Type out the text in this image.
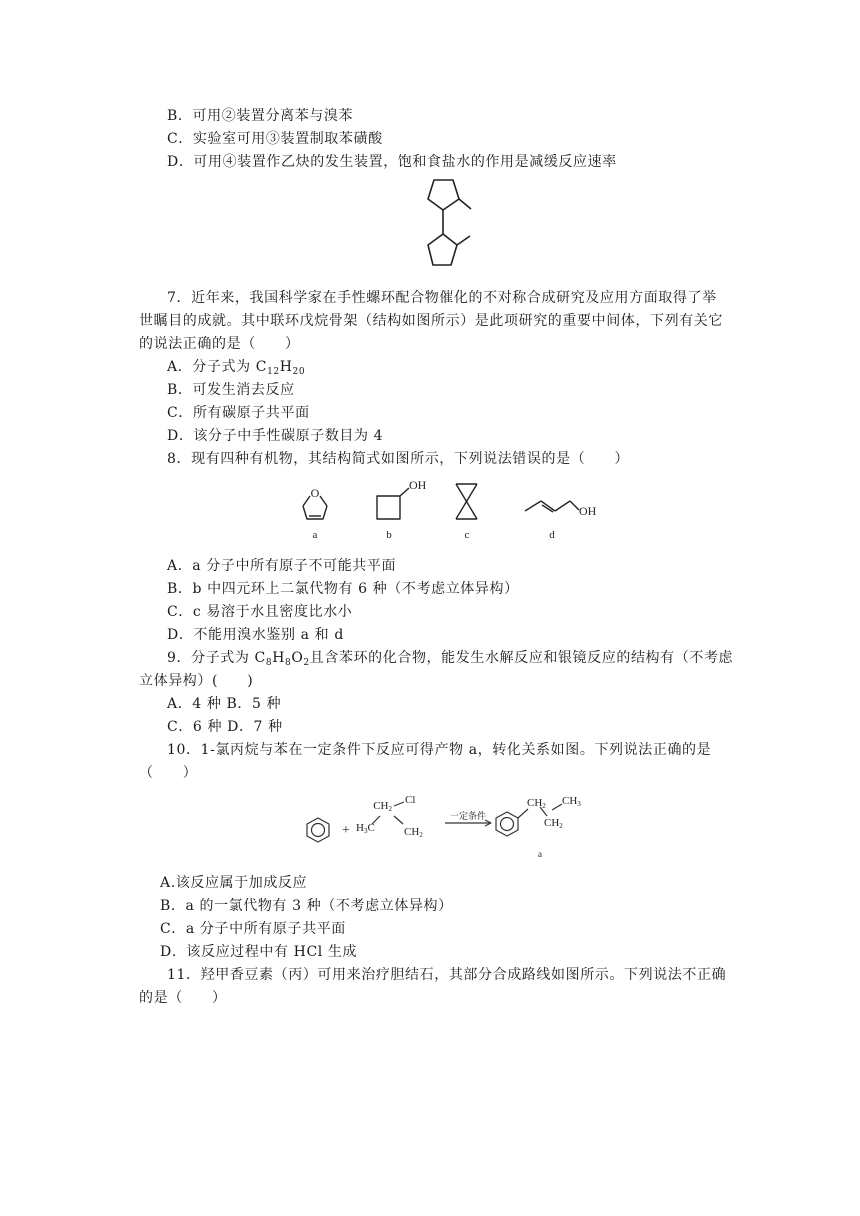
B．可用②装置分离苯与溴苯
C．实验室可用③装置制取苯磺酸
D．可用④装置作乙炔的发生装置，饱和食盐水的作用是减缓反应速率
7．近年来，我国科学家在手性螺环配合物催化的不对称合成研究及应用方面取得了举
世瞩目的成就。其中联环戊烷骨架（结构如图所示）是此项研究的重要中间体，下列有关它
的说法正确的是（　　）
A．分子式为 $C_{12}H_{20}$
B．可发生消去反应
C．所有碳原子共平面
D．该分子中手性碳原子数目为 4
8．现有四种有机物，其结构简式如图所示，下列说法错误的是（　　）
O
OH
OH
a	b	c	d
A．a 分子中所有原子不可能共平面
B．b 中四元环上二氯代物有 6 种（不考虑立体异构）
C．c 易溶于水且密度比水小
D．不能用溴水鉴别 a 和 d
9．分子式为 $C_8H_8O_2$且含苯环的化合物，能发生水解反应和银镜反应的结构有（不考虑
立体异构）(　　)
A．4 种 B．5 种
C．6 种 D．7 种
10．1-氯丙烷与苯在一定条件下反应可得产物 a，转化关系如图。下列说法正确的是
（　　）
+
CH2
Cl
H3C	CH2
一定条件
CH2 CH3
CH2
a
A.该反应属于加成反应
B．a 的一氯代物有 3 种（不考虑立体异构）
C．a 分子中所有原子共平面
D．该反应过程中有 HCl 生成
11．羟甲香豆素（丙）可用来治疗胆结石，其部分合成路线如图所示。下列说法不正确
的是（　　）
